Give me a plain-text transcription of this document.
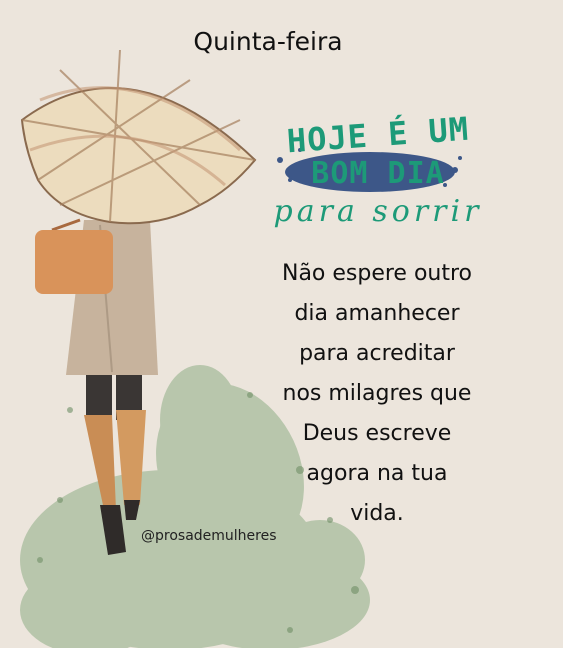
Quinta-feira
HOJE É UM
BOM DIA
para sorrir
Não espere outro
dia amanhecer
para acreditar
nos milagres que
Deus escreve
agora na tua
vida.
@prosademulheres
